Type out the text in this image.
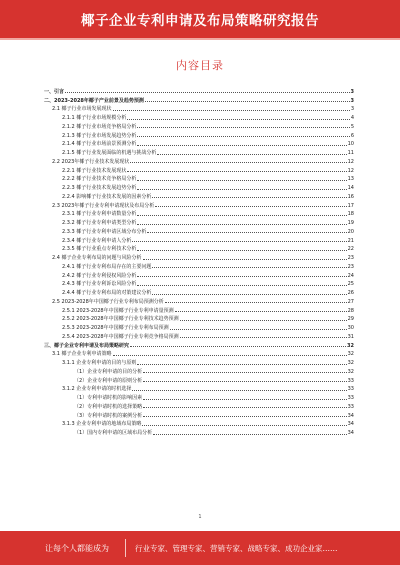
椰子企业专利申请及布局策略研究报告
内容目录
一、引言	3
二、2023-2028年椰子产业前景及趋势预测	3
2.1 椰子行业市场发展现状	3
2.1.1 椰子行业市场规模分析	4
2.1.2 椰子行业市场竞争格局分析	5
2.1.3 椰子行业市场发展趋势分析	6
2.1.4 椰子行业市场前景预测分析	10
2.1.5 椰子行业发展面临的机遇与挑战分析	11
2.2 2023年椰子行业技术发展现状	12
2.2.1 椰子行业技术发展现状	12
2.2.2 椰子行业技术竞争格局分析	13
2.2.3 椰子行业技术发展趋势分析	14
2.2.4 影响椰子行业技术发展的因素分析	16
2.3 2023年椰子行业专利申请现状及布局分析	17
2.3.1 椰子行业专利申请数量分析	18
2.3.2 椰子行业专利申请类型分析	19
2.3.3 椰子行业专利申请区域分布分析	20
2.3.4 椰子行业专利申请人分析	21
2.3.5 椰子行业重点专利技术分析	22
2.4 椰子企业专利布局的问题与风险分析	23
2.4.1 椰子行业专利布局存在的主要问题	23
2.4.2 椰子行业专利侵权风险分析	24
2.4.3 椰子行业专利诉讼风险分析	25
2.4.4 椰子行业专利布局的对策建议分析	26
2.5 2023-2028年中国椰子行业专利布局预测分析	27
2.5.1 2023-2028年中国椰子行业专利申请量预测	28
2.5.2 2023-2028年中国椰子行业专利技术趋势预测	29
2.5.3 2023-2028年中国椰子行业专利布局预测	30
2.5.4 2023-2028年中国椰子行业专利竞争格局预测	31
三、椰子企业专利申请及布局策略研究	32
3.1 椰子企业专利申请策略	32
3.1.1 企业专利申请的目的与原则	32
（1）企业专利申请的目的分析	32
（2）企业专利申请的原则分析	33
3.1.2 企业专利申请的时机选择	33
（1）专利申请时机的影响因素	33
（2）专利申请时机的选择策略	33
（3）专利申请时机的案例分析	34
3.1.3 企业专利申请的地域布局策略	34
（1）国内专利申请的区域布局分析	34
1
让每个人都能成为	行业专家、管理专家、营销专家、战略专家、成功企业家……
